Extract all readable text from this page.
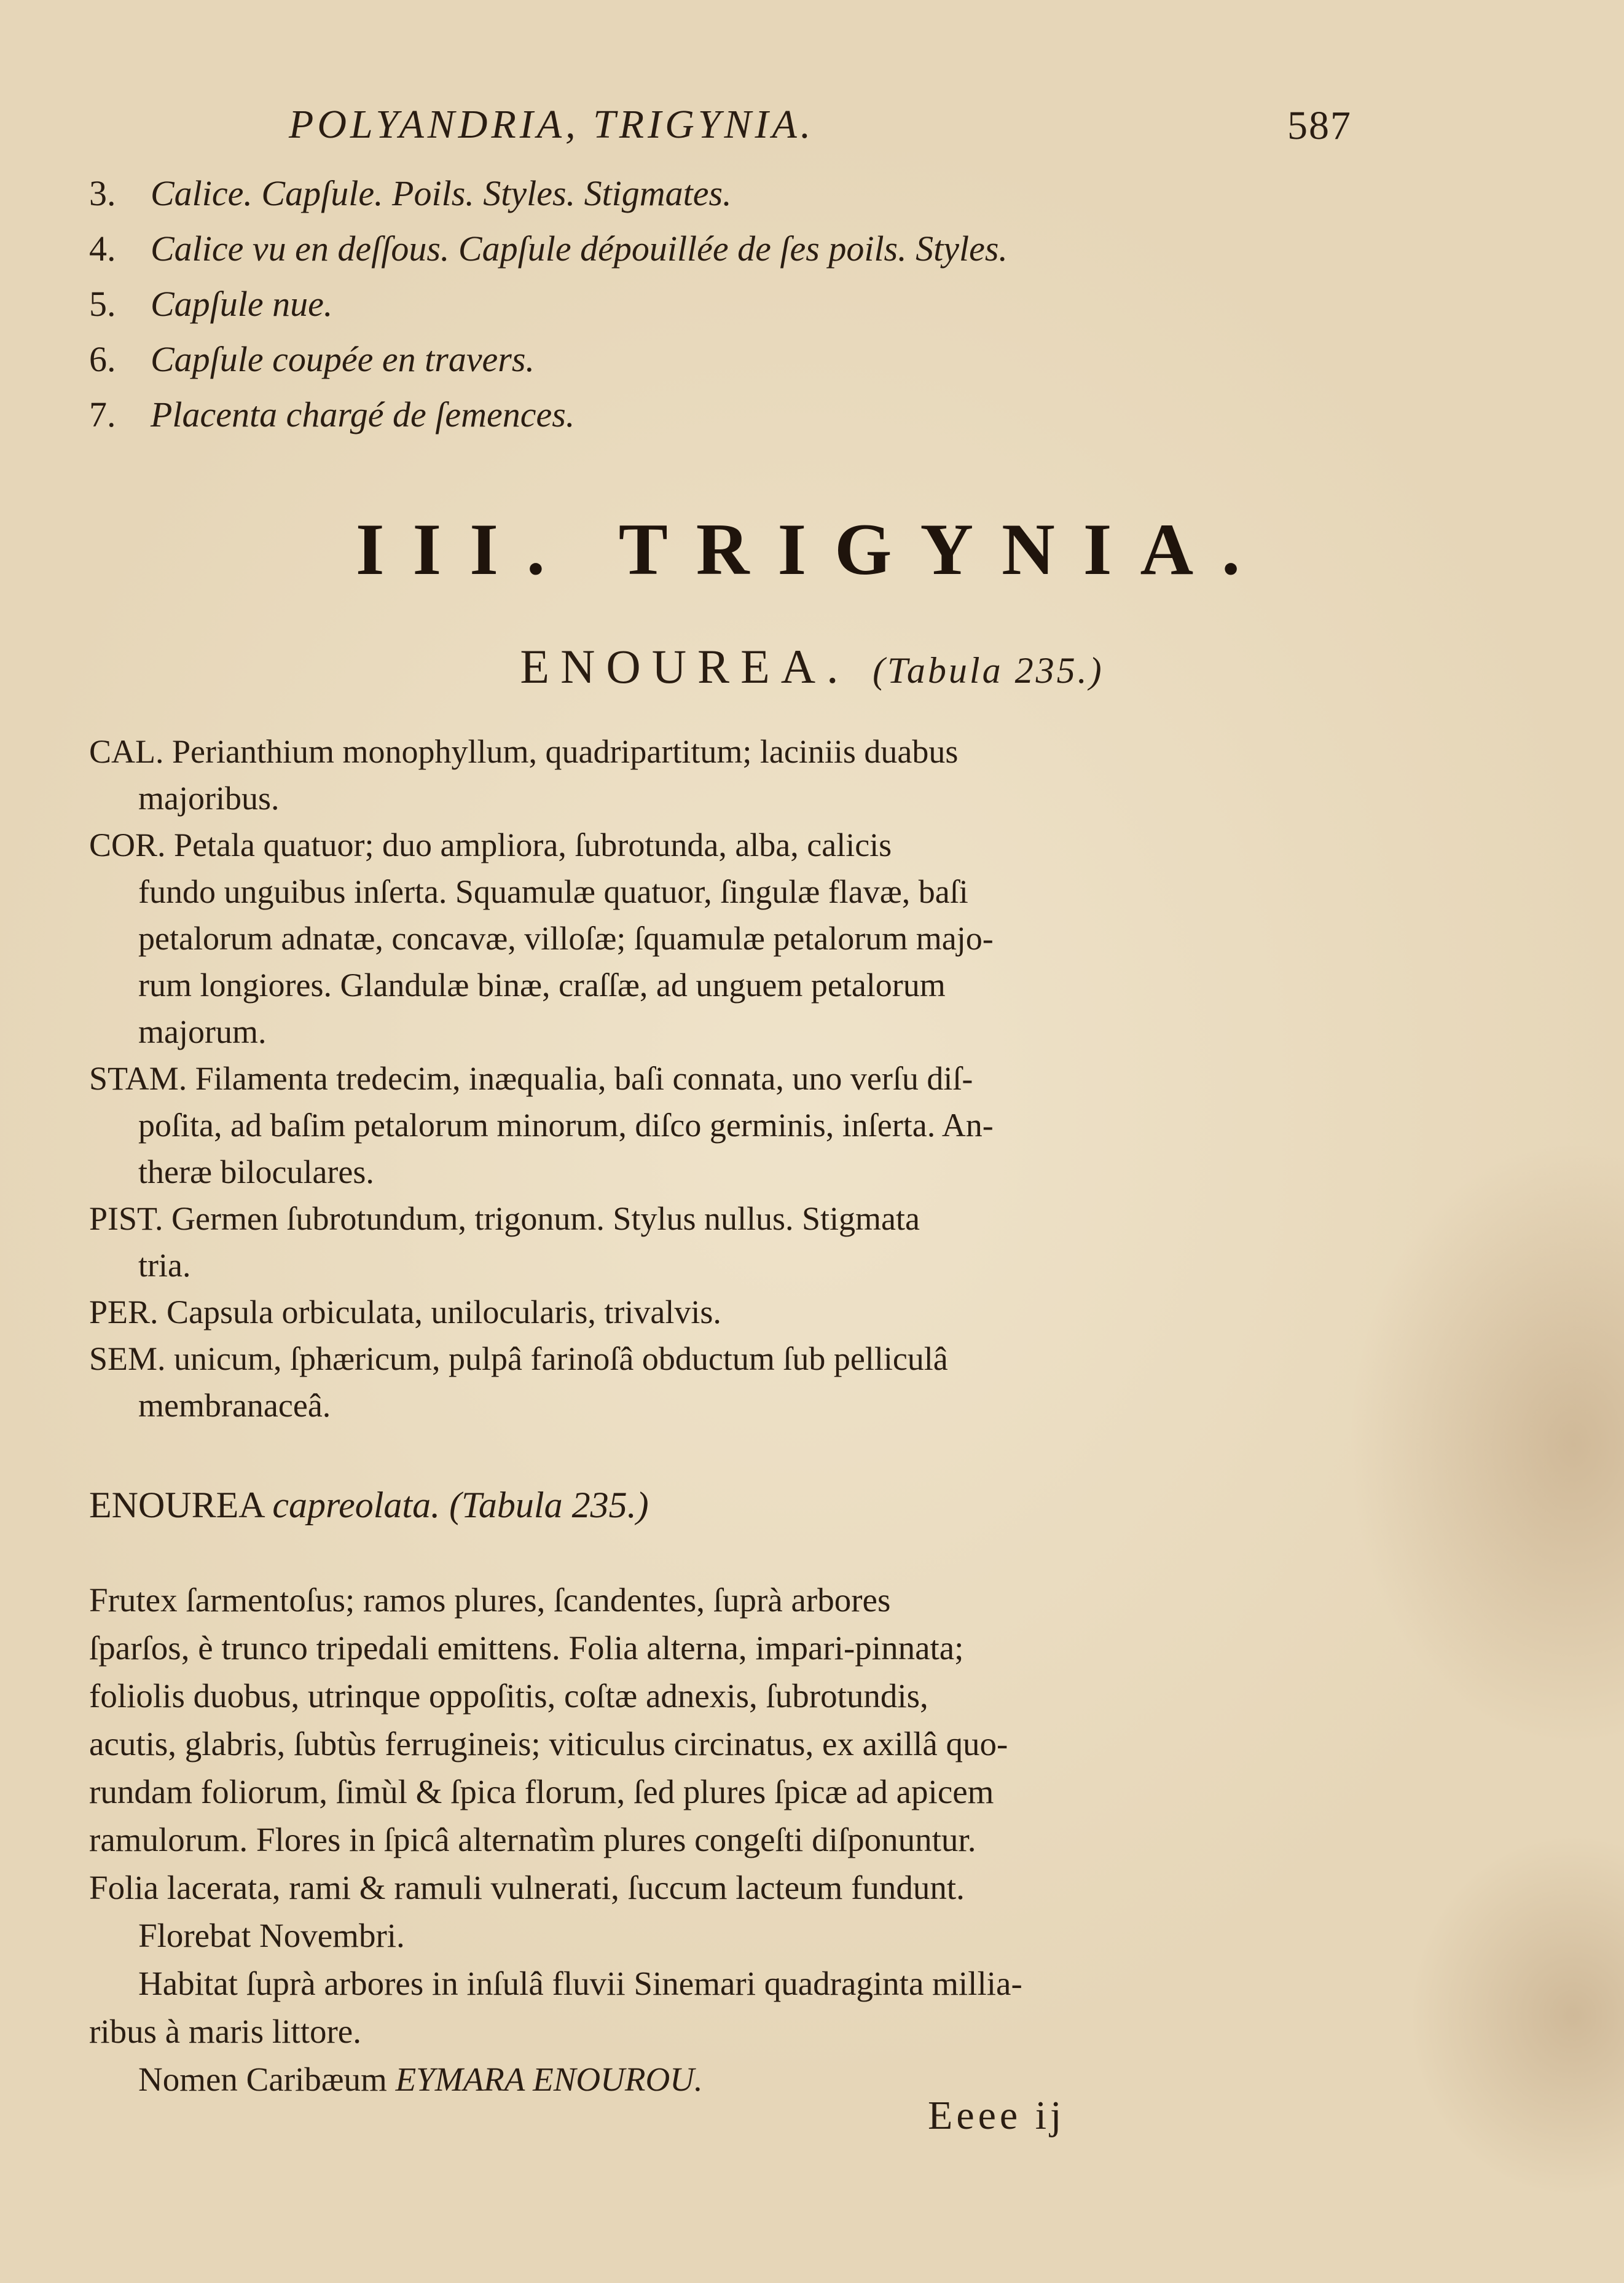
POLYANDRIA, TRIGYNIA.	587
3. Calice. Capſule. Poils. Styles. Stigmates.
4. Calice vu en deſſous. Capſule dépouillée de ſes poils. Styles.
5. Capſule nue.
6. Capſule coupée en travers.
7. Placenta chargé de ſemences.
III. TRIGYNIA.
ENOUREA. (Tabula 235.)
CAL. Perianthium monophyllum, quadripartitum; laciniis duabus
majoribus.
COR. Petala quatuor; duo ampliora, ſubrotunda, alba, calicis
fundo unguibus inſerta. Squamulæ quatuor, ſingulæ flavæ, baſi
petalorum adnatæ, concavæ, villoſæ; ſquamulæ petalorum majo-
rum longiores. Glandulæ binæ, craſſæ, ad unguem petalorum
majorum.
STAM. Filamenta tredecim, inæqualia, baſi connata, uno verſu diſ-
poſita, ad baſim petalorum minorum, diſco germinis, inſerta. An-
theræ biloculares.
PIST. Germen ſubrotundum, trigonum. Stylus nullus. Stigmata
tria.
PER. Capsula orbiculata, unilocularis, trivalvis.
SEM. unicum, ſphæricum, pulpâ farinoſâ obductum ſub pelliculâ
membranaceâ.
ENOUREA capreolata. (Tabula 235.)

Frutex ſarmentoſus; ramos plures, ſcandentes, ſuprà arbores

ſparſos, è trunco tripedali emittens. Folia alterna, impari-pinnata;

foliolis duobus, utrinque oppoſitis, coſtæ adnexis, ſubrotundis,

acutis, glabris, ſubtùs ferrugineis; viticulus circinatus, ex axillâ quo-

rundam foliorum, ſimùl & ſpica florum, ſed plures ſpicæ ad apicem

ramulorum. Flores in ſpicâ alternatìm plures congeſti diſponuntur.

Folia lacerata, rami & ramuli vulnerati, ſuccum lacteum fundunt.

Florebat Novembri.

Habitat ſuprà arbores in inſulâ fluvii Sinemari quadraginta millia-

ribus à maris littore.

Nomen Caribæum EYMARA ENOUROU.

Eeee ij
